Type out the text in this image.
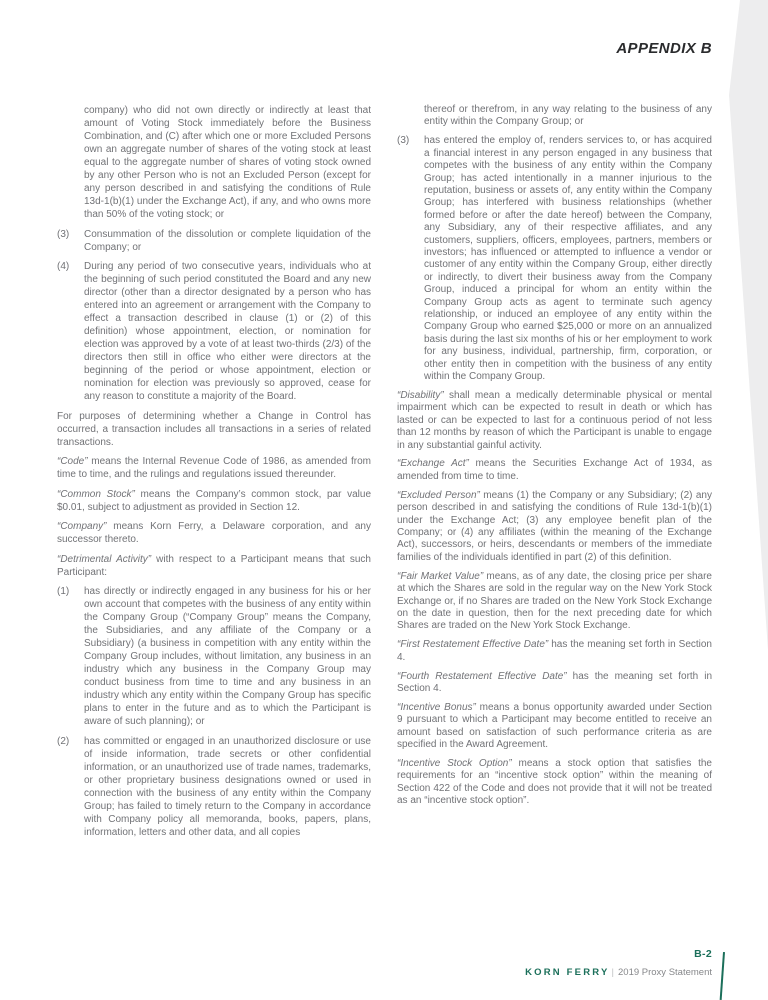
APPENDIX B

company) who did not own directly or indirectly at least that amount of Voting Stock immediately before the Business Combination, and (C) after which one or more Excluded Persons own an aggregate number of shares of the voting stock at least equal to the aggregate number of shares of voting stock owned by any other Person who is not an Excluded Person (except for any person described in and satisfying the conditions of Rule 13d-1(b)(1) under the Exchange Act), if any, and who owns more than 50% of the voting stock; or

(3)	Consummation of the dissolution or complete liquidation of the Company; or
(4)	During any period of two consecutive years, individuals who at the beginning of such period constituted the Board and any new director (other than a director designated by a person who has entered into an agreement or arrangement with the Company to effect a transaction described in clause (1) or (2) of this definition) whose appointment, election, or nomination for election was approved by a vote of at least two-thirds (2/3) of the directors then still in office who either were directors at the beginning of the period or whose appointment, election or nomination for election was previously so approved, cease for any reason to constitute a majority of the Board.

For purposes of determining whether a Change in Control has occurred, a transaction includes all transactions in a series of related transactions.

“Code” means the Internal Revenue Code of 1986, as amended from time to time, and the rulings and regulations issued thereunder.

“Common Stock” means the Company’s common stock, par value $0.01, subject to adjustment as provided in Section 12.

“Company” means Korn Ferry, a Delaware corporation, and any successor thereto.

“Detrimental Activity” with respect to a Participant means that such Participant:

(1)	has directly or indirectly engaged in any business for his or her own account that competes with the business of any entity within the Company Group (“Company Group” means the Company, the Subsidiaries, and any affiliate of the Company or a Subsidiary) (a business in competition with any entity within the Company Group includes, without limitation, any business in an industry which any business in the Company Group may conduct business from time to time and any business in an industry which any entity within the Company Group has specific plans to enter in the future and as to which the Participant is aware of such planning); or
(2)	has committed or engaged in an unauthorized disclosure or use of inside information, trade secrets or other confidential information, or an unauthorized use of trade names, trademarks, or other proprietary business designations owned or used in connection with the business of any entity within the Company Group; has failed to timely return to the Company in accordance with Company policy all memoranda, books, papers, plans, information, letters and other data, and all copies

thereof or therefrom, in any way relating to the business of any entity within the Company Group; or

(3)	has entered the employ of, renders services to, or has acquired a financial interest in any person engaged in any business that competes with the business of any entity within the Company Group; has acted intentionally in a manner injurious to the reputation, business or assets of, any entity within the Company Group; has interfered with business relationships (whether formed before or after the date hereof) between the Company, any Subsidiary, any of their respective affiliates, and any customers, suppliers, officers, employees, partners, members or investors; has influenced or attempted to influence a vendor or customer of any entity within the Company Group, either directly or indirectly, to divert their business away from the Company Group, induced a principal for whom an entity within the Company Group acts as agent to terminate such agency relationship, or induced an employee of any entity within the Company Group who earned $25,000 or more on an annualized basis during the last six months of his or her employment to work for any business, individual, partnership, firm, corporation, or other entity then in competition with the business of any entity within the Company Group.

“Disability” shall mean a medically determinable physical or mental impairment which can be expected to result in death or which has lasted or can be expected to last for a continuous period of not less than 12 months by reason of which the Participant is unable to engage in any substantial gainful activity.

“Exchange Act” means the Securities Exchange Act of 1934, as amended from time to time.

“Excluded Person” means (1) the Company or any Subsidiary; (2) any person described in and satisfying the conditions of Rule 13d-1(b)(1) under the Exchange Act; (3) any employee benefit plan of the Company; or (4) any affiliates (within the meaning of the Exchange Act), successors, or heirs, descendants or members of the immediate families of the individuals identified in part (2) of this definition.

“Fair Market Value” means, as of any date, the closing price per share at which the Shares are sold in the regular way on the New York Stock Exchange or, if no Shares are traded on the New York Stock Exchange on the date in question, then for the next preceding date for which Shares are traded on the New York Stock Exchange.

“First Restatement Effective Date” has the meaning set forth in Section 4.

“Fourth Restatement Effective Date” has the meaning set forth in Section 4.

“Incentive Bonus” means a bonus opportunity awarded under Section 9 pursuant to which a Participant may become entitled to receive an amount based on satisfaction of such performance criteria as are specified in the Award Agreement.

“Incentive Stock Option” means a stock option that satisfies the requirements for an “incentive stock option” within the meaning of Section 422 of the Code and does not provide that it will not be treated as an “incentive stock option”.

B-2
KORN FERRY | 2019 Proxy Statement
